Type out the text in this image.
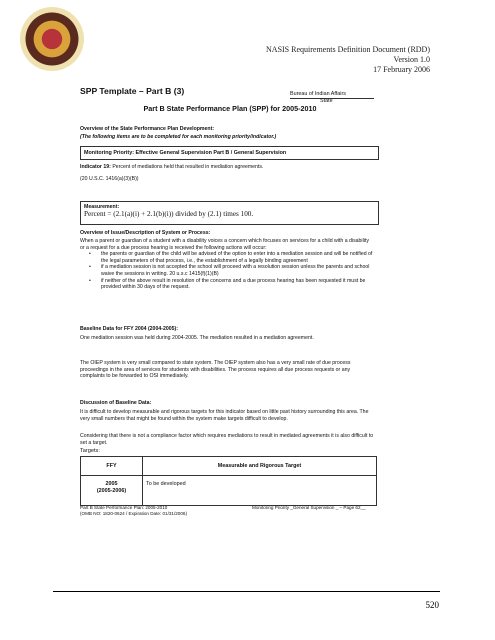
NASIS Requirements Definition Document (RDD)
Version 1.0
17 February 2006
SPP Template – Part B (3)	Bureau of Indian Affairs
State
Part B State Performance Plan (SPP) for 2005-2010
Overview of the State Performance Plan Development:
(The following items are to be completed for each monitoring priority/indicator.)
Monitoring Priority: Effective General Supervision Part B / General Supervision
Indicator 19: Percent of mediations held that resulted in mediation agreements.
(20 U.S.C. 1416(a)(3)(B))
Measurement:
Percent = (2.1(a)(i) + 2.1(b)(i)) divided by (2.1) times 100.
Overview of Issue/Description of System or Process:

When a parent or guardian of a student with a disability voices a concern which focuses on services for a child with a disability or a request for a due process hearing is received the following actions will occur:

• the parents or guardian of the child will be advised of the option to enter into a mediation session and will be notified of the legal parameters of that process, i.e., the establishment of a legally binding agreement
• if a mediation session is not accepted the school will proceed with a resolution session unless the parents and school waive the sessions in writing. 20 u.s.c 1415(f)(1)(B)
• if neither of the above result in resolution of the concerns and a due process hearing has been requested it must be provided within 30 days of the request.
Baseline Data for FFY 2004 (2004-2005):

One mediation session was held during 2004-2005. The mediation resulted in a mediation agreement.

The OIEP system is very small compared to state system. The OIEP system also has a very small rate of due process proceedings in the area of services for students with disabilities. The process requires all due process requests or any complaints to be forwarded to OSI immediately.

Discussion of Baseline Data:

It is difficult to develop measurable and rigorous targets for this indicator based on little past history surrounding this area. The very small numbers that might be found within the system make targets difficult to develop.

Considering that there is not a compliance factor which requires mediations to result in mediated agreements it is also difficult to set a target.

Targets:
FFY	Measurable and Rigorous Target

2005
(2005-2006)	To be developed
Part B State Performance Plan: 2005-2010
(OMB NO: 1820-0624 / Expiration Date: 01/31/2006)
Monitoring Priority _General Supervision _ – Page 62__
520
